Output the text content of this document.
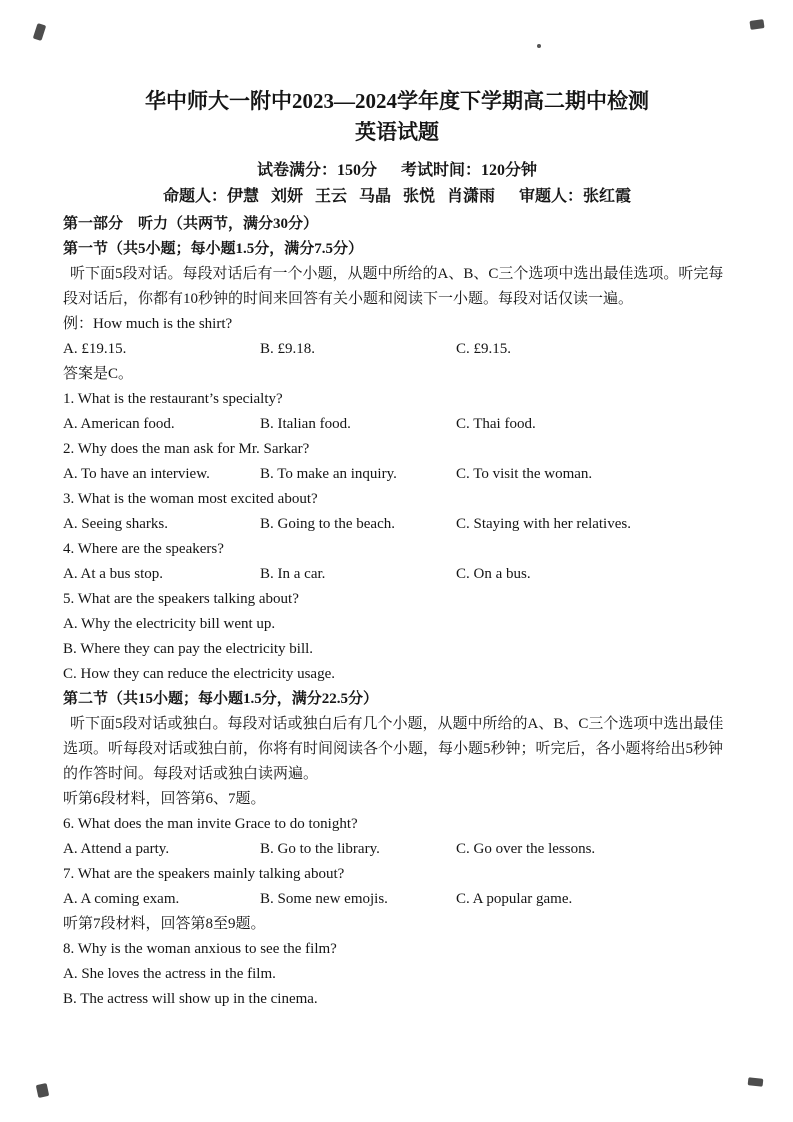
华中师大一附中2023—2024学年度下学期高二期中检测
英语试题

试卷满分：150分      考试时间：120分钟

命题人：伊慧   刘妍   王云   马晶   张悦   肖潇雨      审题人：张红霞

第一部分　听力（共两节，满分30分）

第一节（共5小题；每小题1.5分，满分7.5分）

听下面5段对话。每段对话后有一个小题，从题中所给的A、B、C三个选项中选出最佳选项。听完每段对话后，你都有10秒钟的时间来回答有关小题和阅读下一小题。每段对话仅读一遍。

例：How much is the shirt?

A. £19.15.	B. £9.18.	C. £9.15.

答案是C。

1. What is the restaurant’s specialty?

A. American food.	B. Italian food.	C. Thai food.

2. Why does the man ask for Mr. Sarkar?

A. To have an interview.	B. To make an inquiry.	C. To visit the woman.

3. What is the woman most excited about?

A. Seeing sharks.	B. Going to the beach.	C. Staying with her relatives.

4. Where are the speakers?

A. At a bus stop.	B. In a car.	C. On a bus.

5. What are the speakers talking about?

A. Why the electricity bill went up.

B. Where they can pay the electricity bill.

C. How they can reduce the electricity usage.

第二节（共15小题；每小题1.5分，满分22.5分）

听下面5段对话或独白。每段对话或独白后有几个小题，从题中所给的A、B、C三个选项中选出最佳选项。听每段对话或独白前，你将有时间阅读各个小题，每小题5秒钟；听完后，各小题将给出5秒钟的作答时间。每段对话或独白读两遍。

听第6段材料，回答第6、7题。

6. What does the man invite Grace to do tonight?

A. Attend a party.	B. Go to the library.	C. Go over the lessons.

7. What are the speakers mainly talking about?

A. A coming exam.	B. Some new emojis.	C. A popular game.

听第7段材料，回答第8至9题。

8. Why is the woman anxious to see the film?

A. She loves the actress in the film.

B. The actress will show up in the cinema.
